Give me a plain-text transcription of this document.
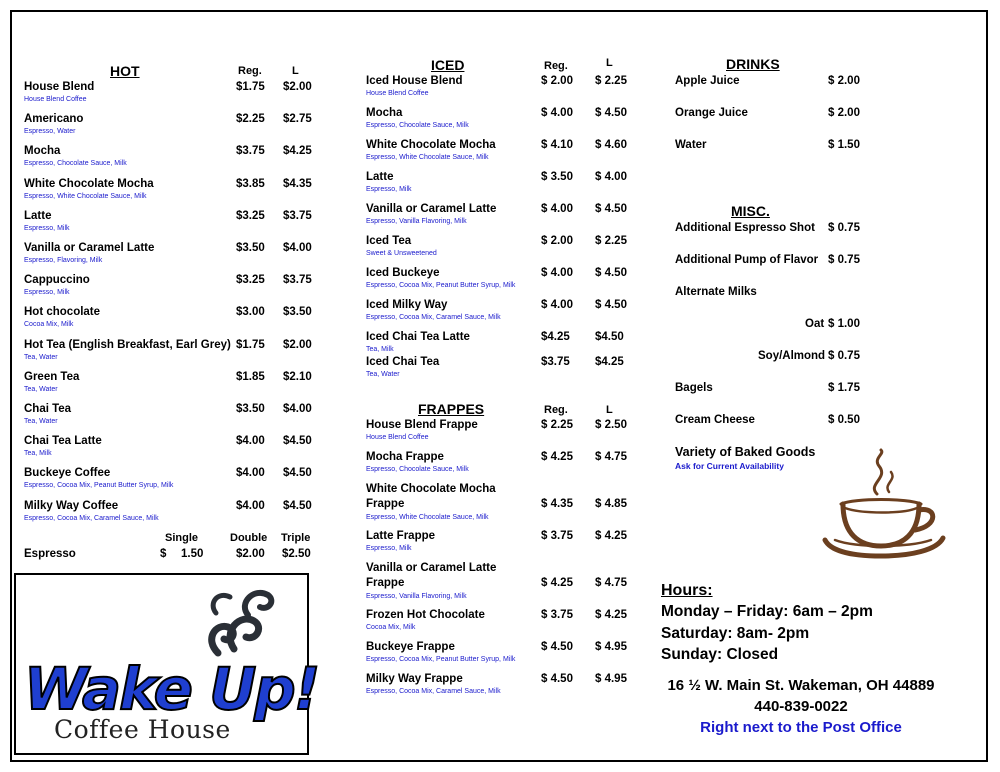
HOT	Reg.	L
House Blend
House Blend Coffee
$1.75 $2.00
Americano
Espresso, Water
$2.25 $2.75
Mocha
Espresso, Chocolate Sauce, Milk
$3.75 $4.25
White Chocolate Mocha
Espresso, White Chocolate Sauce, Milk
$3.85 $4.35
Latte
Espresso, Milk
$3.25 $3.75
Vanilla or Caramel Latte
Espresso, Flavoring, Milk
$3.50 $4.00
Cappuccino
Espresso, Milk
$3.25 $3.75
Hot chocolate
Cocoa Mix, Milk
$3.00 $3.50
Hot Tea (English Breakfast, Earl Grey)
Tea, Water
$1.75 $2.00
Green Tea
Tea, Water
$1.85 $2.10
Chai Tea
Tea, Water
$3.50 $4.00
Chai Tea Latte
Tea, Milk
$4.00 $4.50
Buckeye Coffee
Espresso, Cocoa Mix, Peanut Butter Syrup, Milk
$4.00 $4.50
Milky Way Coffee
Espresso, Cocoa Mix, Caramel Sauce, Milk
$4.00 $4.50
Single	Double Triple
Espresso	$ 1.50	$2.00 $2.50
ICED	Reg.	L
Iced House Blend
House Blend Coffee
$ 2.00 $ 2.25
Mocha
Espresso, Chocolate Sauce, Milk
$ 4.00 $ 4.50
White Chocolate Mocha
Espresso, White Chocolate Sauce, Milk
$ 4.10 $ 4.60
Latte
Espresso, Milk
$ 3.50 $ 4.00
Vanilla or Caramel Latte
Espresso, Vanilla Flavoring, Milk
$ 4.00 $ 4.50
Iced Tea
Sweet & Unsweetened
$ 2.00 $ 2.25
Iced Buckeye
Espresso, Cocoa Mix, Peanut Butter Syrup, Milk
$ 4.00 $ 4.50
Iced Milky Way
Espresso, Cocoa Mix, Caramel Sauce, Milk
$ 4.00 $ 4.50
Iced Chai Tea Latte
Tea, Milk
$4.25 $4.50
Iced Chai Tea
Tea, Water
$3.75 $4.25
FRAPPES	Reg.	L
House Blend Frappe
House Blend Coffee
$ 2.25 $ 2.50
Mocha Frappe
Espresso, Chocolate Sauce, Milk
$ 4.25 $ 4.75
White Chocolate Mocha
Frappe
Espresso, White Chocolate Sauce, Milk
$ 4.35 $ 4.85
Latte Frappe
Espresso, Milk
$ 3.75 $ 4.25
Vanilla or Caramel Latte
Frappe
Espresso, Vanilla Flavoring, Milk
$ 4.25 $ 4.75
Frozen Hot Chocolate
Cocoa Mix, Milk
$ 3.75 $ 4.25
Buckeye Frappe
Espresso, Cocoa Mix, Peanut Butter Syrup, Milk
$ 4.50 $ 4.95
Milky Way Frappe
Espresso, Cocoa Mix, Caramel Sauce, Milk
$ 4.50 $ 4.95
DRINKS
Apple Juice	$ 2.00
Orange Juice	$ 2.00
Water	$ 1.50
MISC.
Additional Espresso Shot $ 0.75
Additional Pump of Flavor $ 0.75
Alternate Milks
Oat $ 1.00
Soy/Almond $ 0.75
Bagels	$ 1.75
Cream Cheese	$ 0.50
Variety of Baked Goods
Ask for Current Availability
Wake Up!
Coffee House
Hours:
Monday – Friday: 6am – 2pm
Saturday: 8am- 2pm
Sunday: Closed
16 ½ W. Main St. Wakeman, OH 44889
440-839-0022
Right next to the Post Office
